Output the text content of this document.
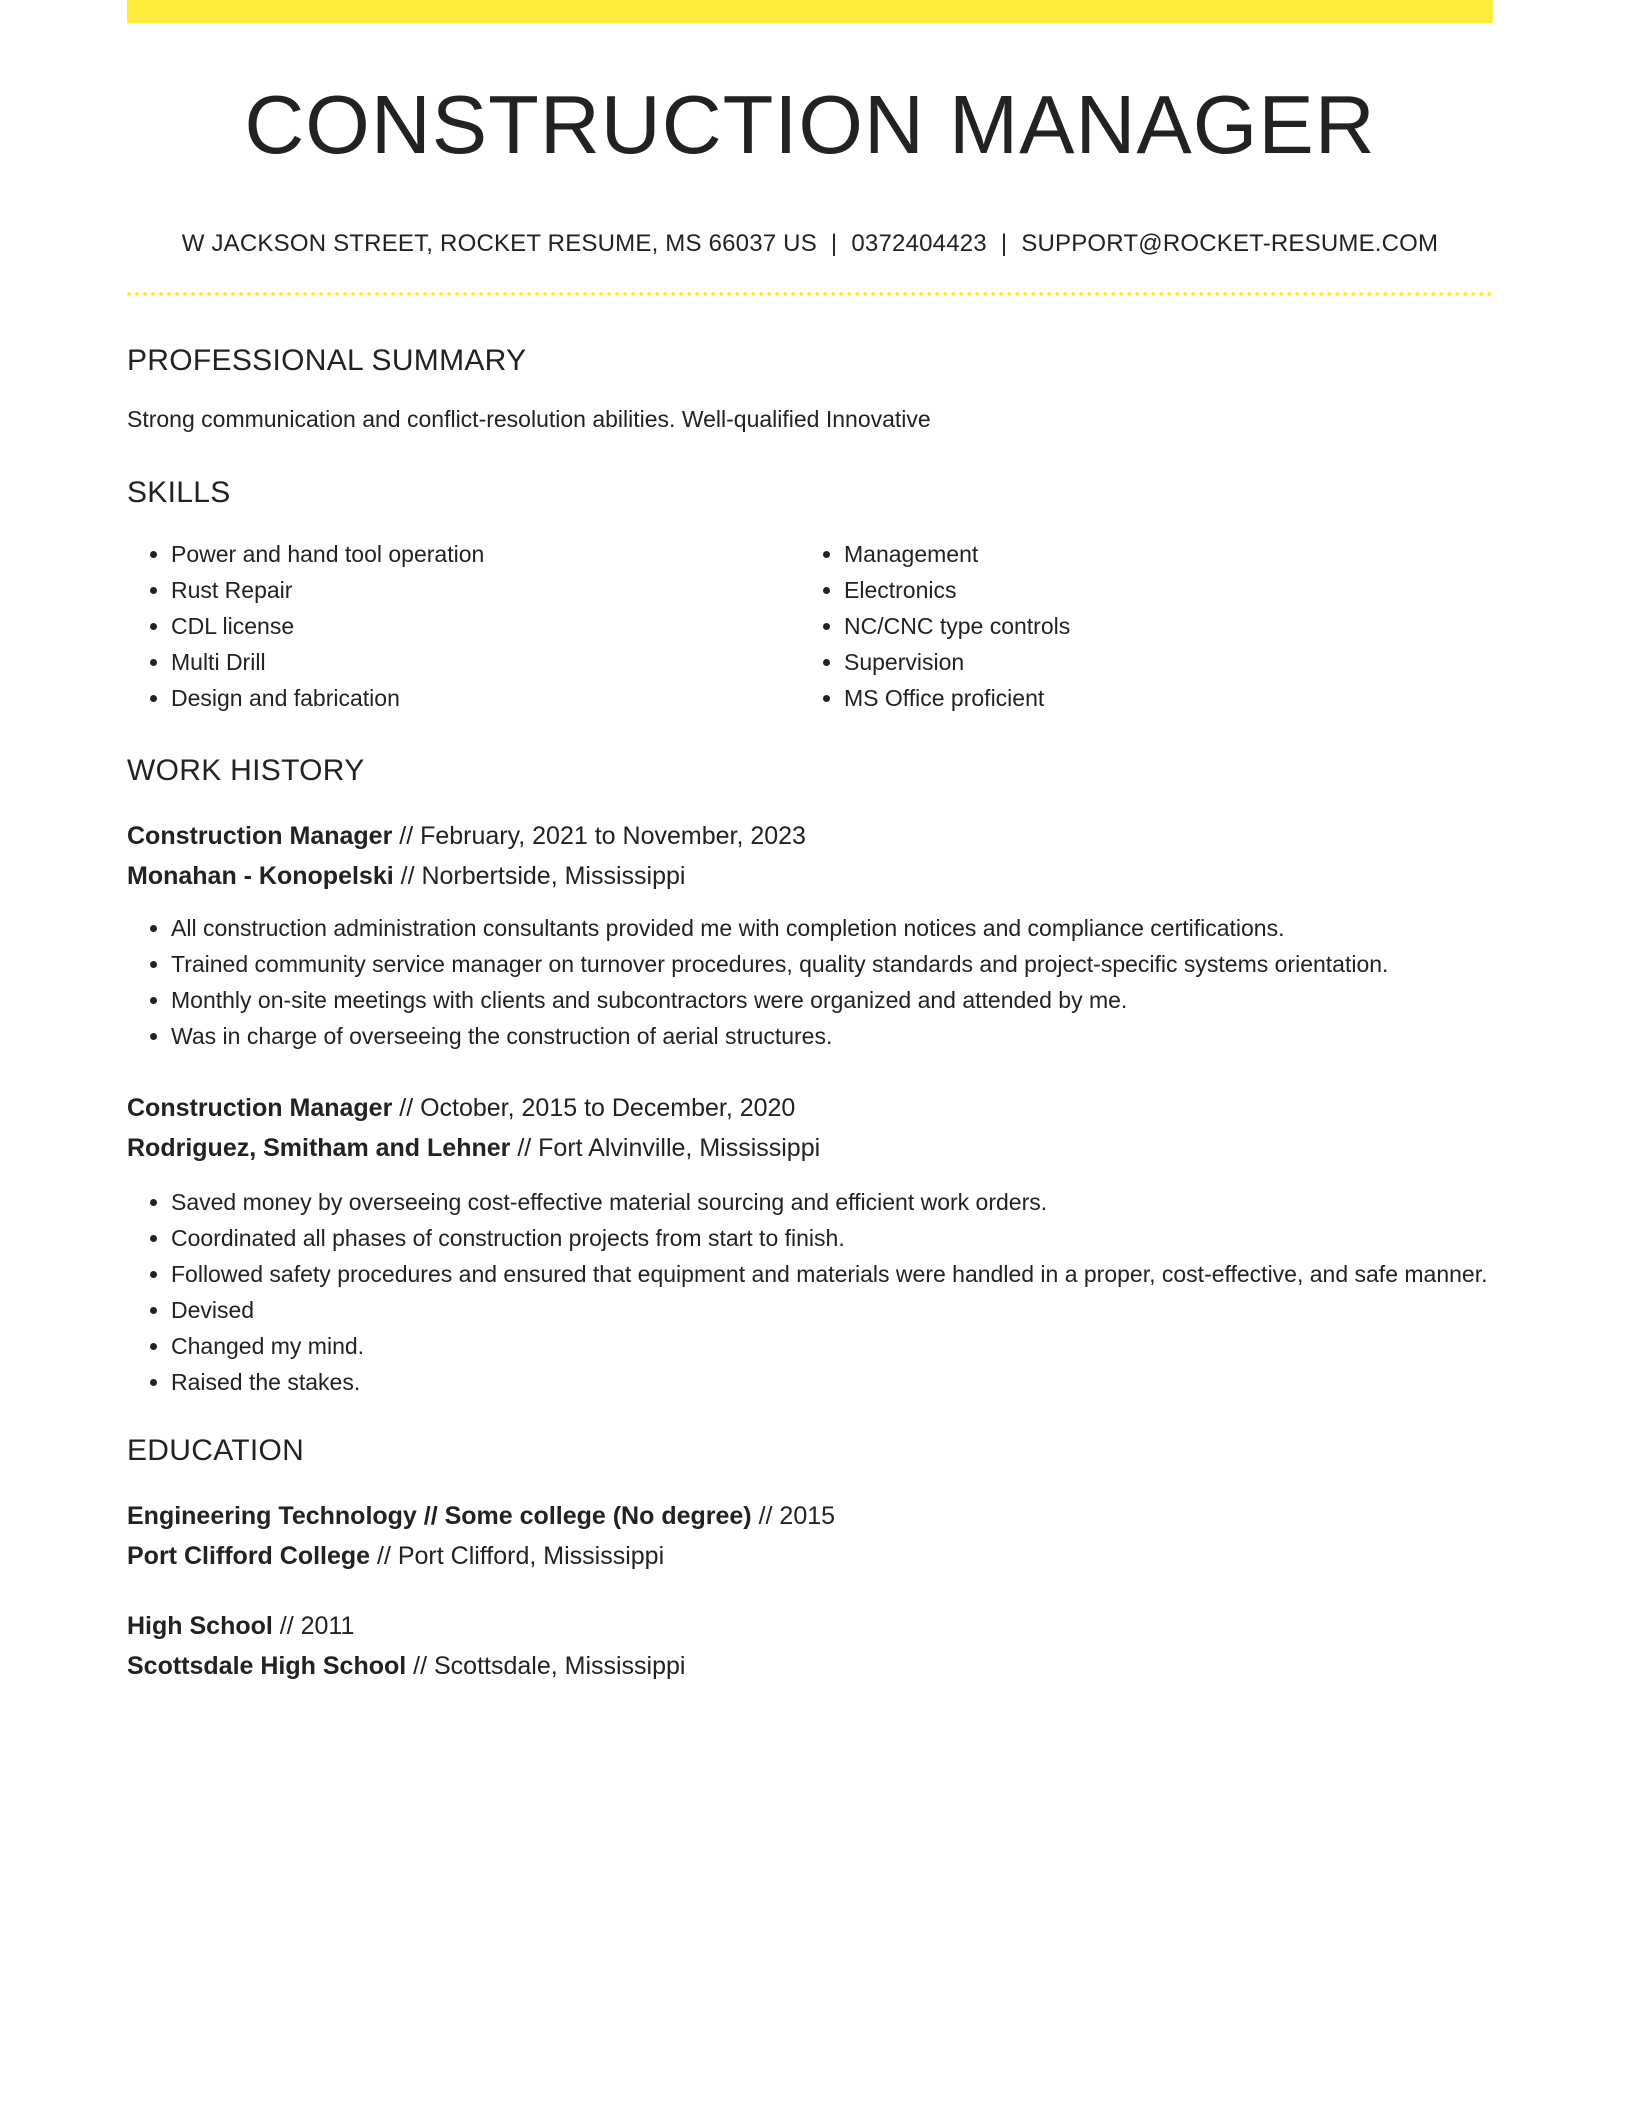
CONSTRUCTION MANAGER
W JACKSON STREET, ROCKET RESUME, MS 66037 US | 0372404423 | SUPPORT@ROCKET-RESUME.COM
PROFESSIONAL SUMMARY

Strong communication and conflict-resolution abilities. Well-qualified Innovative

SKILLS
• Power and hand tool operation
• Rust Repair
• CDL license
• Multi Drill
• Design and fabrication
• Management
• Electronics
• NC/CNC type controls
• Supervision
• MS Office proficient
WORK HISTORY
Construction Manager // February, 2021 to November, 2023
Monahan - Konopelski // Norbertside, Mississippi
• All construction administration consultants provided me with completion notices and compliance certifications.
• Trained community service manager on turnover procedures, quality standards and project-specific systems orientation.
• Monthly on-site meetings with clients and subcontractors were organized and attended by me.
• Was in charge of overseeing the construction of aerial structures.
Construction Manager // October, 2015 to December, 2020
Rodriguez, Smitham and Lehner // Fort Alvinville, Mississippi
• Saved money by overseeing cost-effective material sourcing and efficient work orders.
• Coordinated all phases of construction projects from start to finish.
• Followed safety procedures and ensured that equipment and materials were handled in a proper, cost-effective, and safe manner.
• Devised
• Changed my mind.
• Raised the stakes.
EDUCATION
Engineering Technology // Some college (No degree) // 2015
Port Clifford College // Port Clifford, Mississippi
High School // 2011
Scottsdale High School // Scottsdale, Mississippi
